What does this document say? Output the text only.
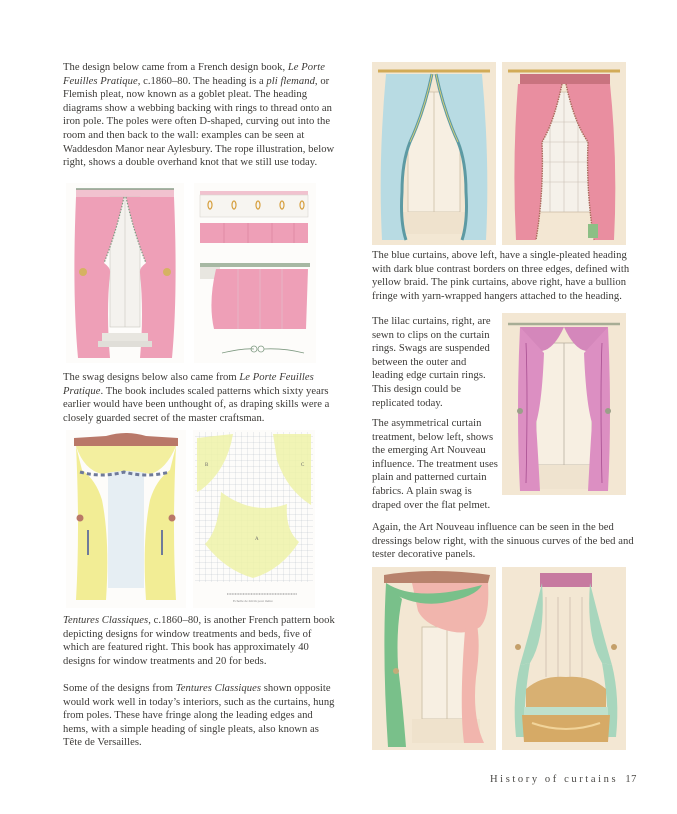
The design below came from a French design book, Le Porte Feuilles Pratique, c.1860–80. The heading is a pli flemand, or Flemish pleat, now known as a goblet pleat. The heading diagrams show a webbing backing with rings to thread onto an iron pole. The poles were often D-shaped, curving out into the room and then back to the wall: examples can be seen at Waddesdon Manor near Aylesbury. The rope illustration, below right, shows a double overhand knot that we still use today.

The swag designs below also came from Le Porte Feuilles Pratique. The book includes scaled patterns which sixty years earlier would have been unthought of, as draping skills were a closely guarded secret of the master craftsman.

B	C
A
Echelle de 2m/m pour mètre

Tentures Classiques, c.1860–80, is another French pattern book depicting designs for window treatments and beds, five of which are featured right. This book has approximately 40 designs for window treatments and 20 for beds.

Some of the designs from Tentures Classiques shown opposite would work well in today’s interiors, such as the curtains, hung from poles. These have fringe along the leading edges and hems, with a simple heading of single pleats, also known as Tête de Versailles.

The blue curtains, above left, have a single-pleated heading with dark blue contrast borders on three edges, defined with yellow braid. The pink curtains, above right, have a bullion fringe with yarn-wrapped hangers attached to the heading.

The lilac curtains, right, are sewn to clips on the curtain rings. Swags are suspended between the outer and leading edge curtain rings. This design could be replicated today.

The asymmetrical curtain treatment, below left, shows the emerging Art Nouveau influence. The treatment uses plain and patterned curtain fabrics. A plain swag is draped over the flat pelmet.

Again, the Art Nouveau influence can be seen in the bed dressings below right, with the sinuous curves of the bed and tester decorative panels.

History of curtains 17
